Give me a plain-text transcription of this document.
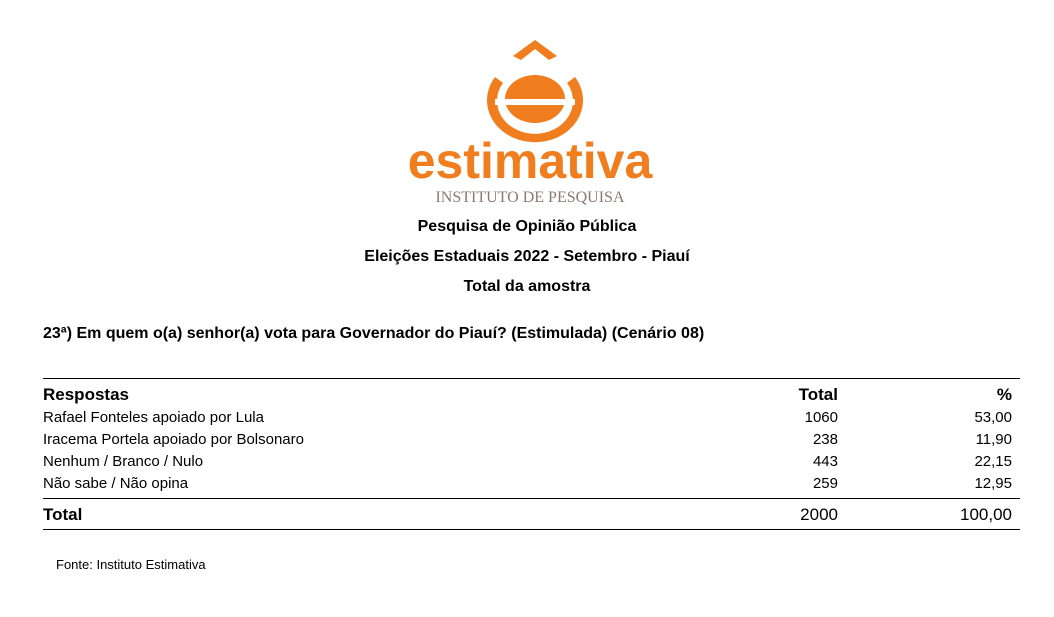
estimativa
INSTITUTO DE PESQUISA
Pesquisa de Opinião Pública
Eleições Estaduais 2022 - Setembro - Piauí
Total da amostra
23ª) Em quem o(a) senhor(a) vota para Governador do Piauí? (Estimulada) (Cenário 08)
Respostas	Total	%
Rafael Fonteles apoiado por Lula	1060	53,00
Iracema Portela apoiado por Bolsonaro	238	11,90
Nenhum / Branco / Nulo	443	22,15
Não sabe / Não opina	259	12,95
Total	2000	100,00
Fonte: Instituto Estimativa
